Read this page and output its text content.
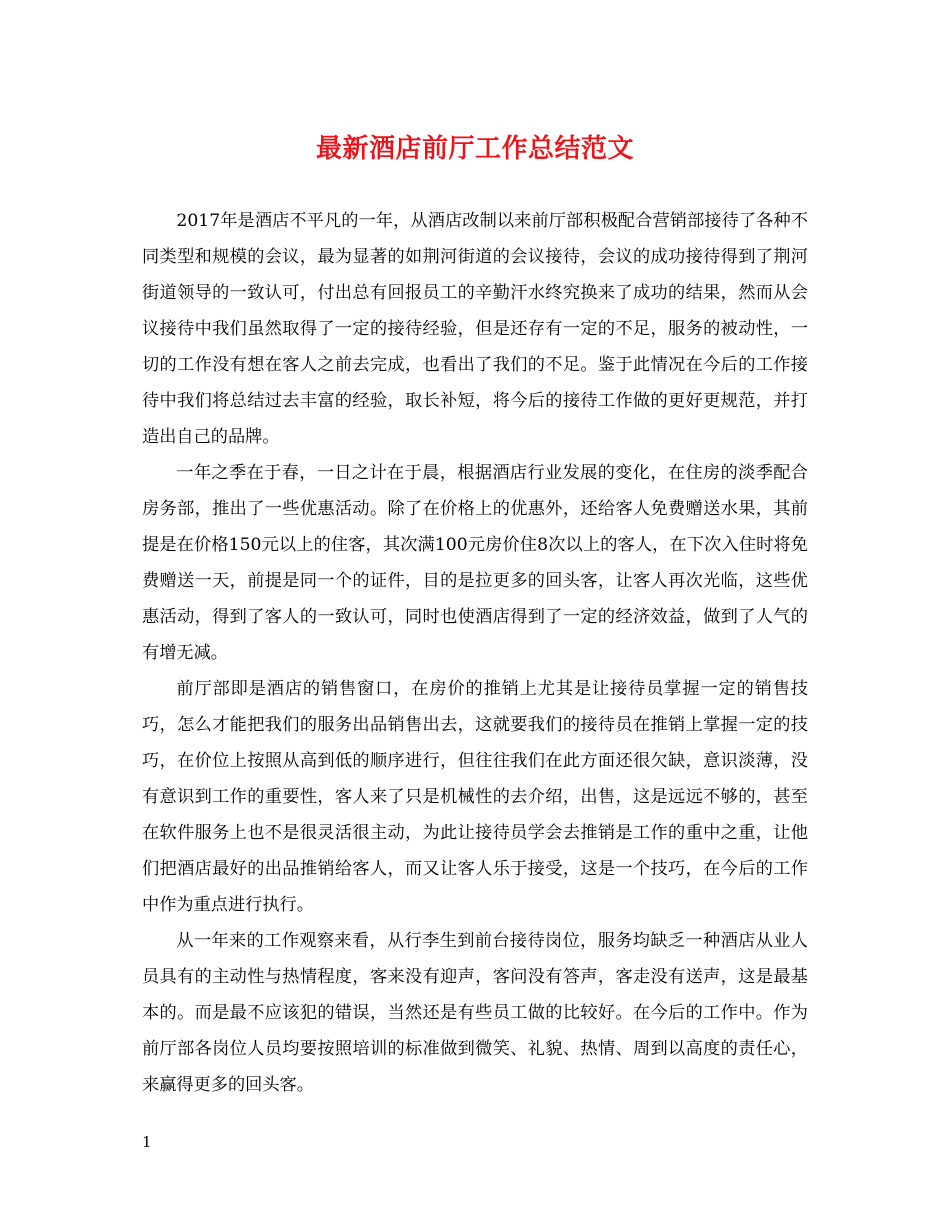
最新酒店前厅工作总结范文

2017年是酒店不平凡的一年，从酒店改制以来前厅部积极配合营销部接待了各种不同类型和规模的会议，最为显著的如荆河街道的会议接待，会议的成功接待得到了荆河街道领导的一致认可，付出总有回报员工的辛勤汗水终究换来了成功的结果，然而从会议接待中我们虽然取得了一定的接待经验，但是还存有一定的不足，服务的被动性，一切的工作没有想在客人之前去完成，也看出了我们的不足。鉴于此情况在今后的工作接待中我们将总结过去丰富的经验，取长补短，将今后的接待工作做的更好更规范，并打造出自己的品牌。

一年之季在于春，一日之计在于晨，根据酒店行业发展的变化，在住房的淡季配合房务部，推出了一些优惠活动。除了在价格上的优惠外，还给客人免费赠送水果，其前提是在价格150元以上的住客，其次满100元房价住8次以上的客人，在下次入住时将免费赠送一天，前提是同一个的证件，目的是拉更多的回头客，让客人再次光临，这些优惠活动，得到了客人的一致认可，同时也使酒店得到了一定的经济效益，做到了人气的有增无减。

前厅部即是酒店的销售窗口，在房价的推销上尤其是让接待员掌握一定的销售技巧，怎么才能把我们的服务出品销售出去，这就要我们的接待员在推销上掌握一定的技巧，在价位上按照从高到低的顺序进行，但往往我们在此方面还很欠缺，意识淡薄，没有意识到工作的重要性，客人来了只是机械性的去介绍，出售，这是远远不够的，甚至在软件服务上也不是很灵活很主动，为此让接待员学会去推销是工作的重中之重，让他们把酒店最好的出品推销给客人，而又让客人乐于接受，这是一个技巧，在今后的工作中作为重点进行执行。

从一年来的工作观察来看，从行李生到前台接待岗位，服务均缺乏一种酒店从业人员具有的主动性与热情程度，客来没有迎声，客问没有答声，客走没有送声，这是最基本的。而是最不应该犯的错误，当然还是有些员工做的比较好。在今后的工作中。作为前厅部各岗位人员均要按照培训的标准做到微笑、礼貌、热情、周到以高度的责任心，来赢得更多的回头客。

1
